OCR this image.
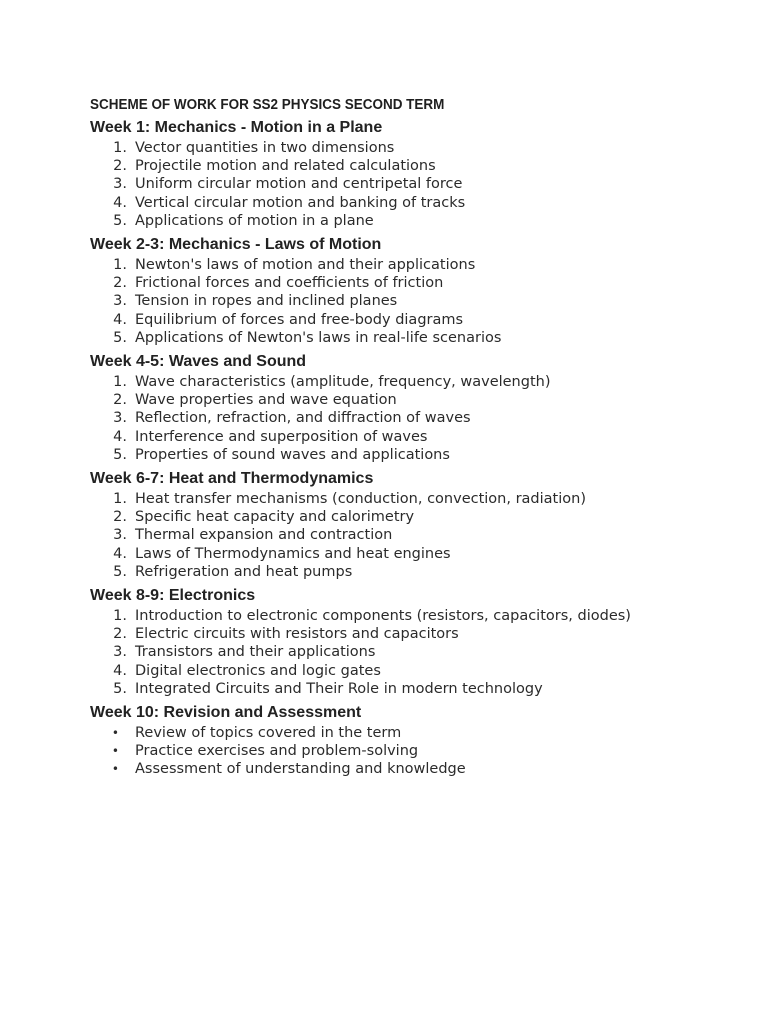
SCHEME OF WORK FOR SS2 PHYSICS SECOND TERM
Week 1: Mechanics - Motion in a Plane
1. Vector quantities in two dimensions
2. Projectile motion and related calculations
3. Uniform circular motion and centripetal force
4. Vertical circular motion and banking of tracks
5. Applications of motion in a plane
Week 2-3: Mechanics - Laws of Motion
1. Newton's laws of motion and their applications
2. Frictional forces and coefficients of friction
3. Tension in ropes and inclined planes
4. Equilibrium of forces and free-body diagrams
5. Applications of Newton's laws in real-life scenarios
Week 4-5: Waves and Sound
1. Wave characteristics (amplitude, frequency, wavelength)
2. Wave properties and wave equation
3. Reflection, refraction, and diffraction of waves
4. Interference and superposition of waves
5. Properties of sound waves and applications
Week 6-7: Heat and Thermodynamics
1. Heat transfer mechanisms (conduction, convection, radiation)
2. Specific heat capacity and calorimetry
3. Thermal expansion and contraction
4. Laws of Thermodynamics and heat engines
5. Refrigeration and heat pumps
Week 8-9: Electronics
1. Introduction to electronic components (resistors, capacitors, diodes)
2. Electric circuits with resistors and capacitors
3. Transistors and their applications
4. Digital electronics and logic gates
5. Integrated Circuits and Their Role in modern technology
Week 10: Revision and Assessment
•	Review of topics covered in the term
•	Practice exercises and problem-solving
•	Assessment of understanding and knowledge
